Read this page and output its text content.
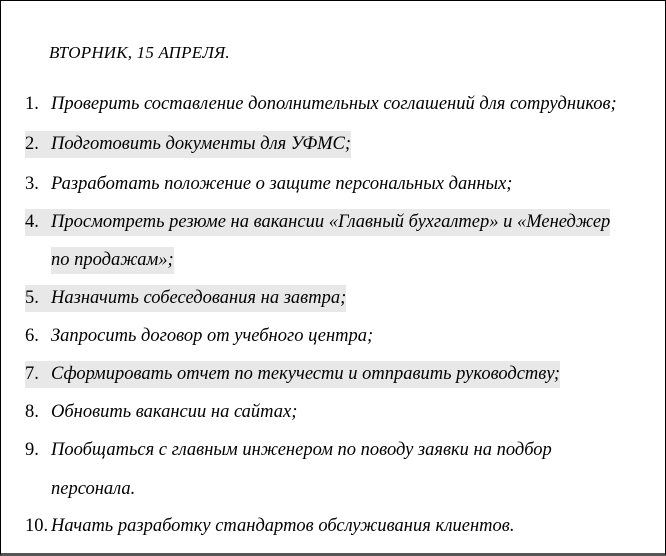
ВТОРНИК, 15 АПРЕЛЯ.
1. Проверить составление дополнительных соглашений для сотрудников;
2. Подготовить документы для УФМС;
3. Разработать положение о защите персональных данных;
4. Просмотреть резюме на вакансии «Главный бухгалтер» и «Менеджер
по продажам»;
5. Назначить собеседования на завтра;
6. Запросить договор от учебного центра;
7. Сформировать отчет по текучести и отправить руководству;
8. Обновить вакансии на сайтах;
9. Пообщаться с главным инженером по поводу заявки на подбор
персонала.
10. Начать разработку стандартов обслуживания клиентов.
